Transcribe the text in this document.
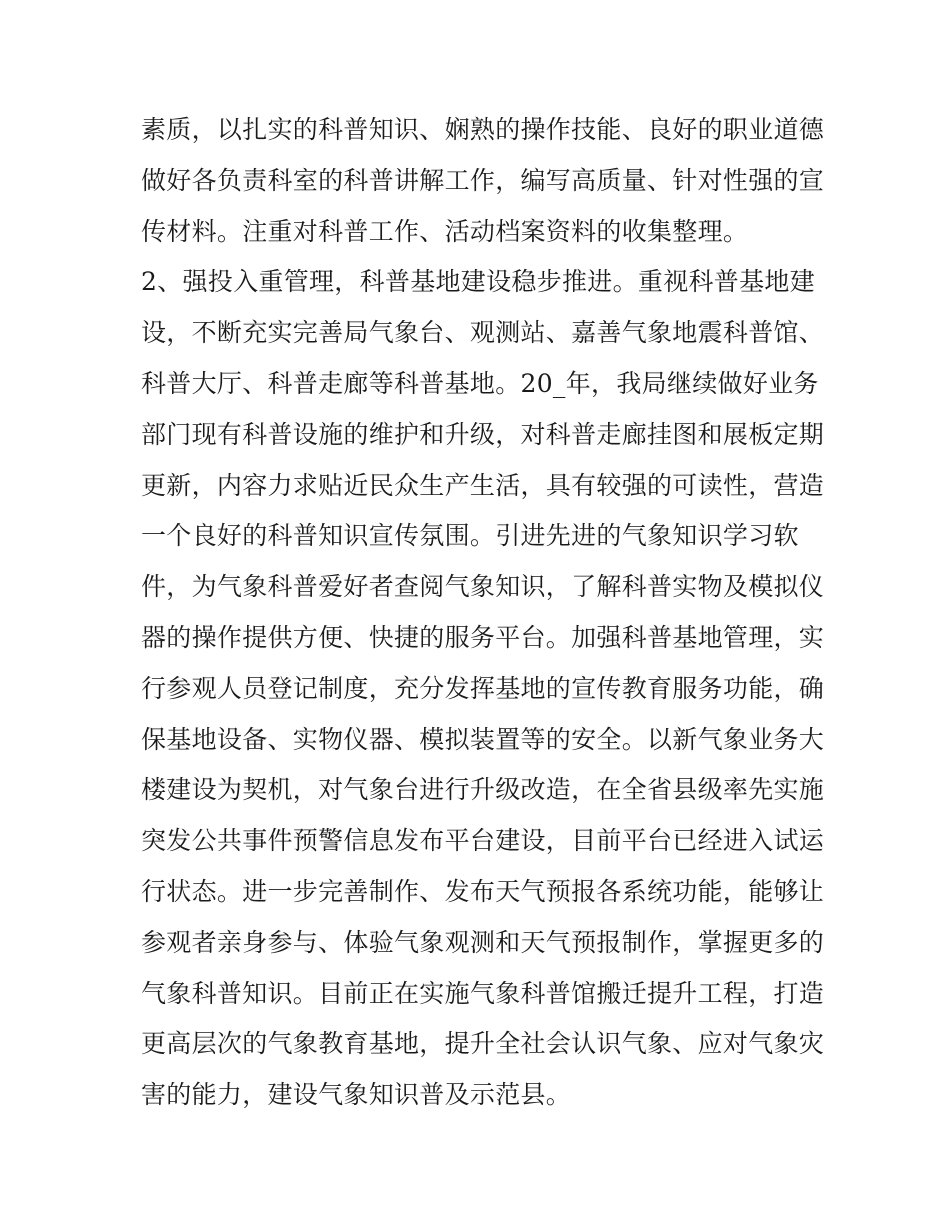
素质，以扎实的科普知识、娴熟的操作技能、良好的职业道德
做好各负责科室的科普讲解工作，编写高质量、针对性强的宣
传材料。注重对科普工作、活动档案资料的收集整理。
2、强投入重管理，科普基地建设稳步推进。重视科普基地建
设，不断充实完善局气象台、观测站、嘉善气象地震科普馆、
科普大厅、科普走廊等科普基地。20_年，我局继续做好业务
部门现有科普设施的维护和升级，对科普走廊挂图和展板定期
更新，内容力求贴近民众生产生活，具有较强的可读性，营造
一个良好的科普知识宣传氛围。引进先进的气象知识学习软
件，为气象科普爱好者查阅气象知识，了解科普实物及模拟仪
器的操作提供方便、快捷的服务平台。加强科普基地管理，实
行参观人员登记制度，充分发挥基地的宣传教育服务功能，确
保基地设备、实物仪器、模拟装置等的安全。以新气象业务大
楼建设为契机，对气象台进行升级改造，在全省县级率先实施
突发公共事件预警信息发布平台建设，目前平台已经进入试运
行状态。进一步完善制作、发布天气预报各系统功能，能够让
参观者亲身参与、体验气象观测和天气预报制作，掌握更多的
气象科普知识。目前正在实施气象科普馆搬迁提升工程，打造
更高层次的气象教育基地，提升全社会认识气象、应对气象灾
害的能力，建设气象知识普及示范县。
